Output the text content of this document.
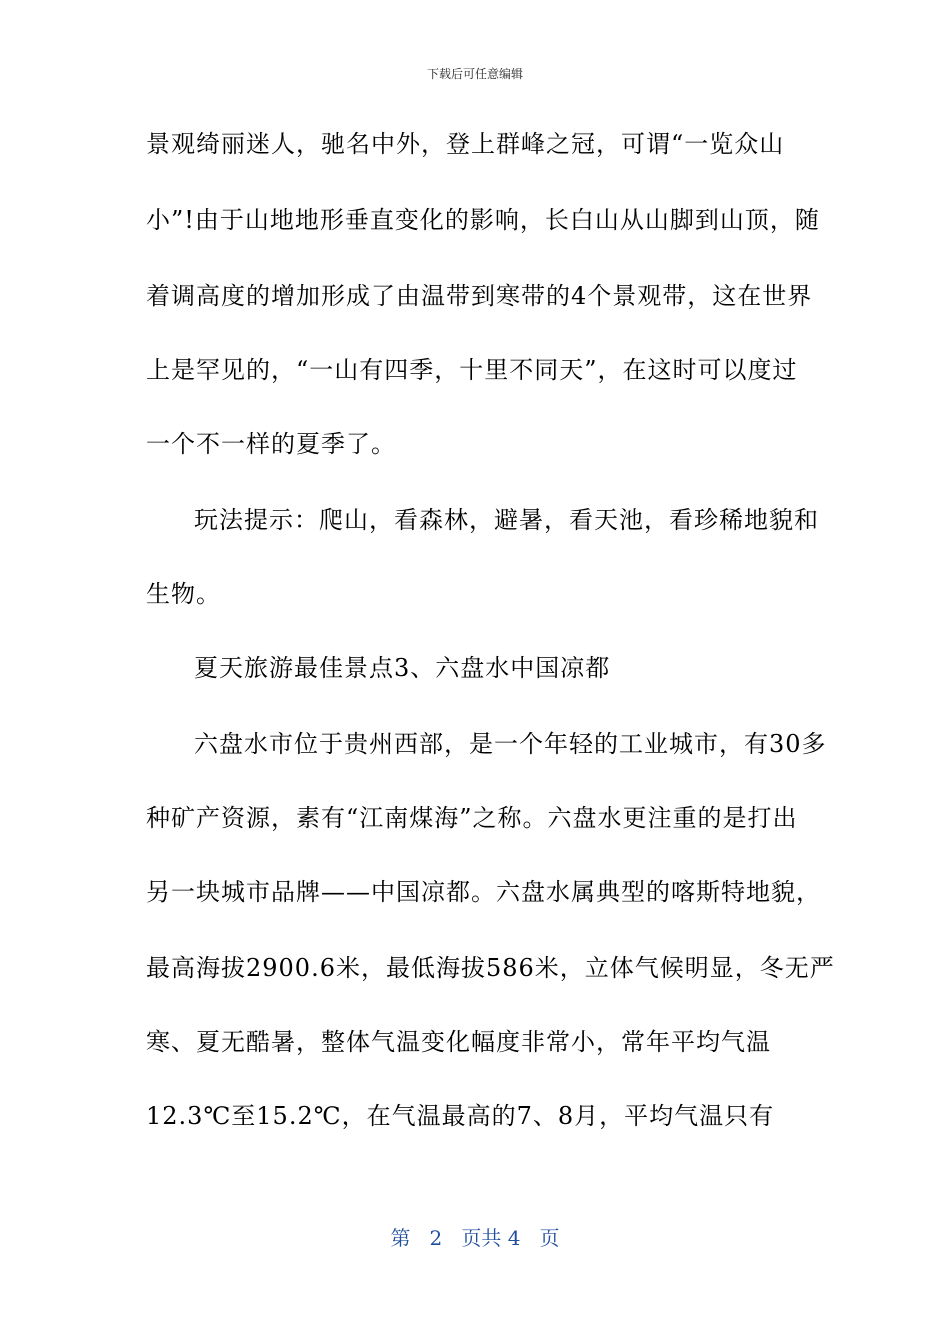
下载后可任意编辑
景观绮丽迷人，驰名中外，登上群峰之冠，可谓“一览众山
小”!由于山地地形垂直变化的影响，长白山从山脚到山顶，随
着调高度的增加形成了由温带到寒带的4个景观带，这在世界
上是罕见的，“一山有四季，十里不同天”，在这时可以度过
一个不一样的夏季了。
玩法提示：爬山，看森林，避暑，看天池，看珍稀地貌和
生物。
夏天旅游最佳景点3、六盘水中国凉都
六盘水市位于贵州西部，是一个年轻的工业城市，有30多
种矿产资源，素有“江南煤海”之称。六盘水更注重的是打出
另一块城市品牌——中国凉都。六盘水属典型的喀斯特地貌，
最高海拔2900.6米，最低海拔586米，立体气候明显，冬无严
寒、夏无酷暑，整体气温变化幅度非常小，常年平均气温
12.3℃至15.2℃，在气温最高的7、8月，平均气温只有
第 2 页共 4 页
